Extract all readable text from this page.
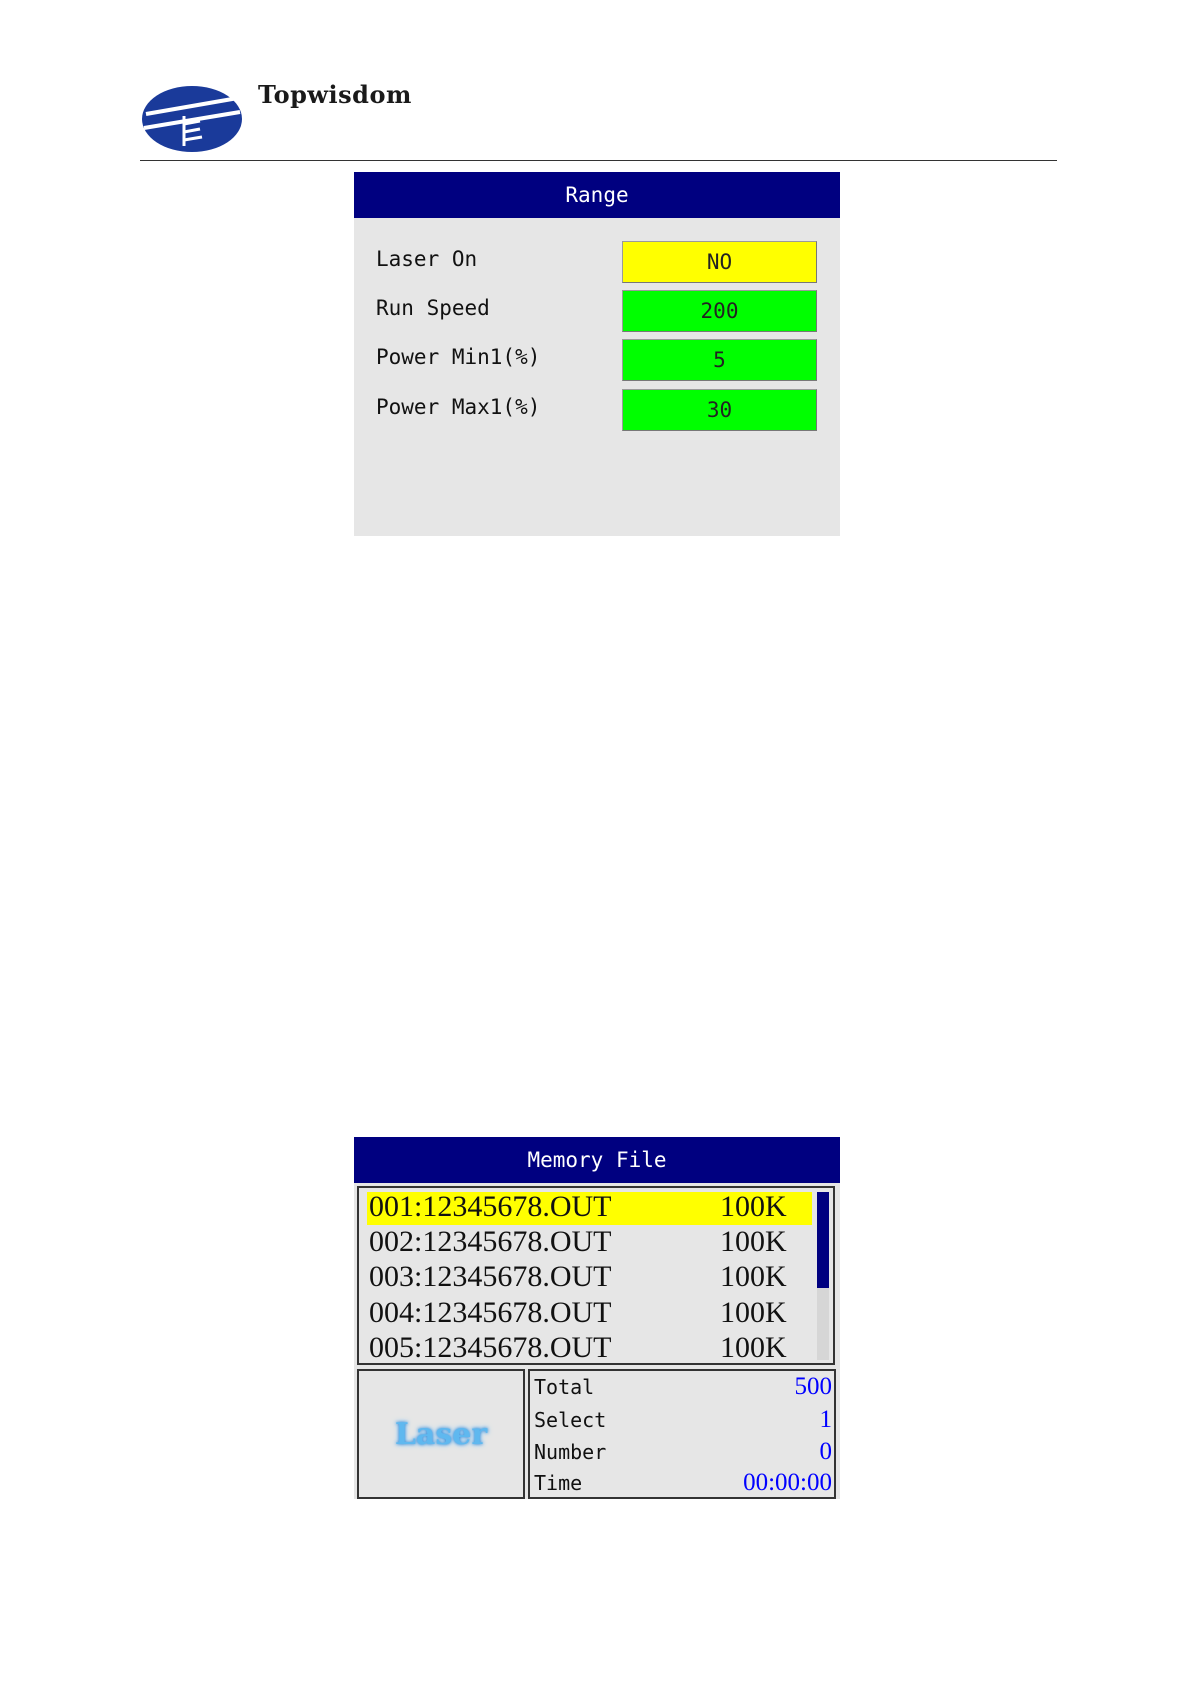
Topwisdom
Range
Laser On	NO
Run Speed	200
Power Min1(%)	5
Power Max1(%)	30
Memory File
001:12345678.OUT	100K
002:12345678.OUT	100K
003:12345678.OUT	100K
004:12345678.OUT	100K
005:12345678.OUT	100K
Laser
Total	500
Select	1
Number	0
Time	00:00:00
